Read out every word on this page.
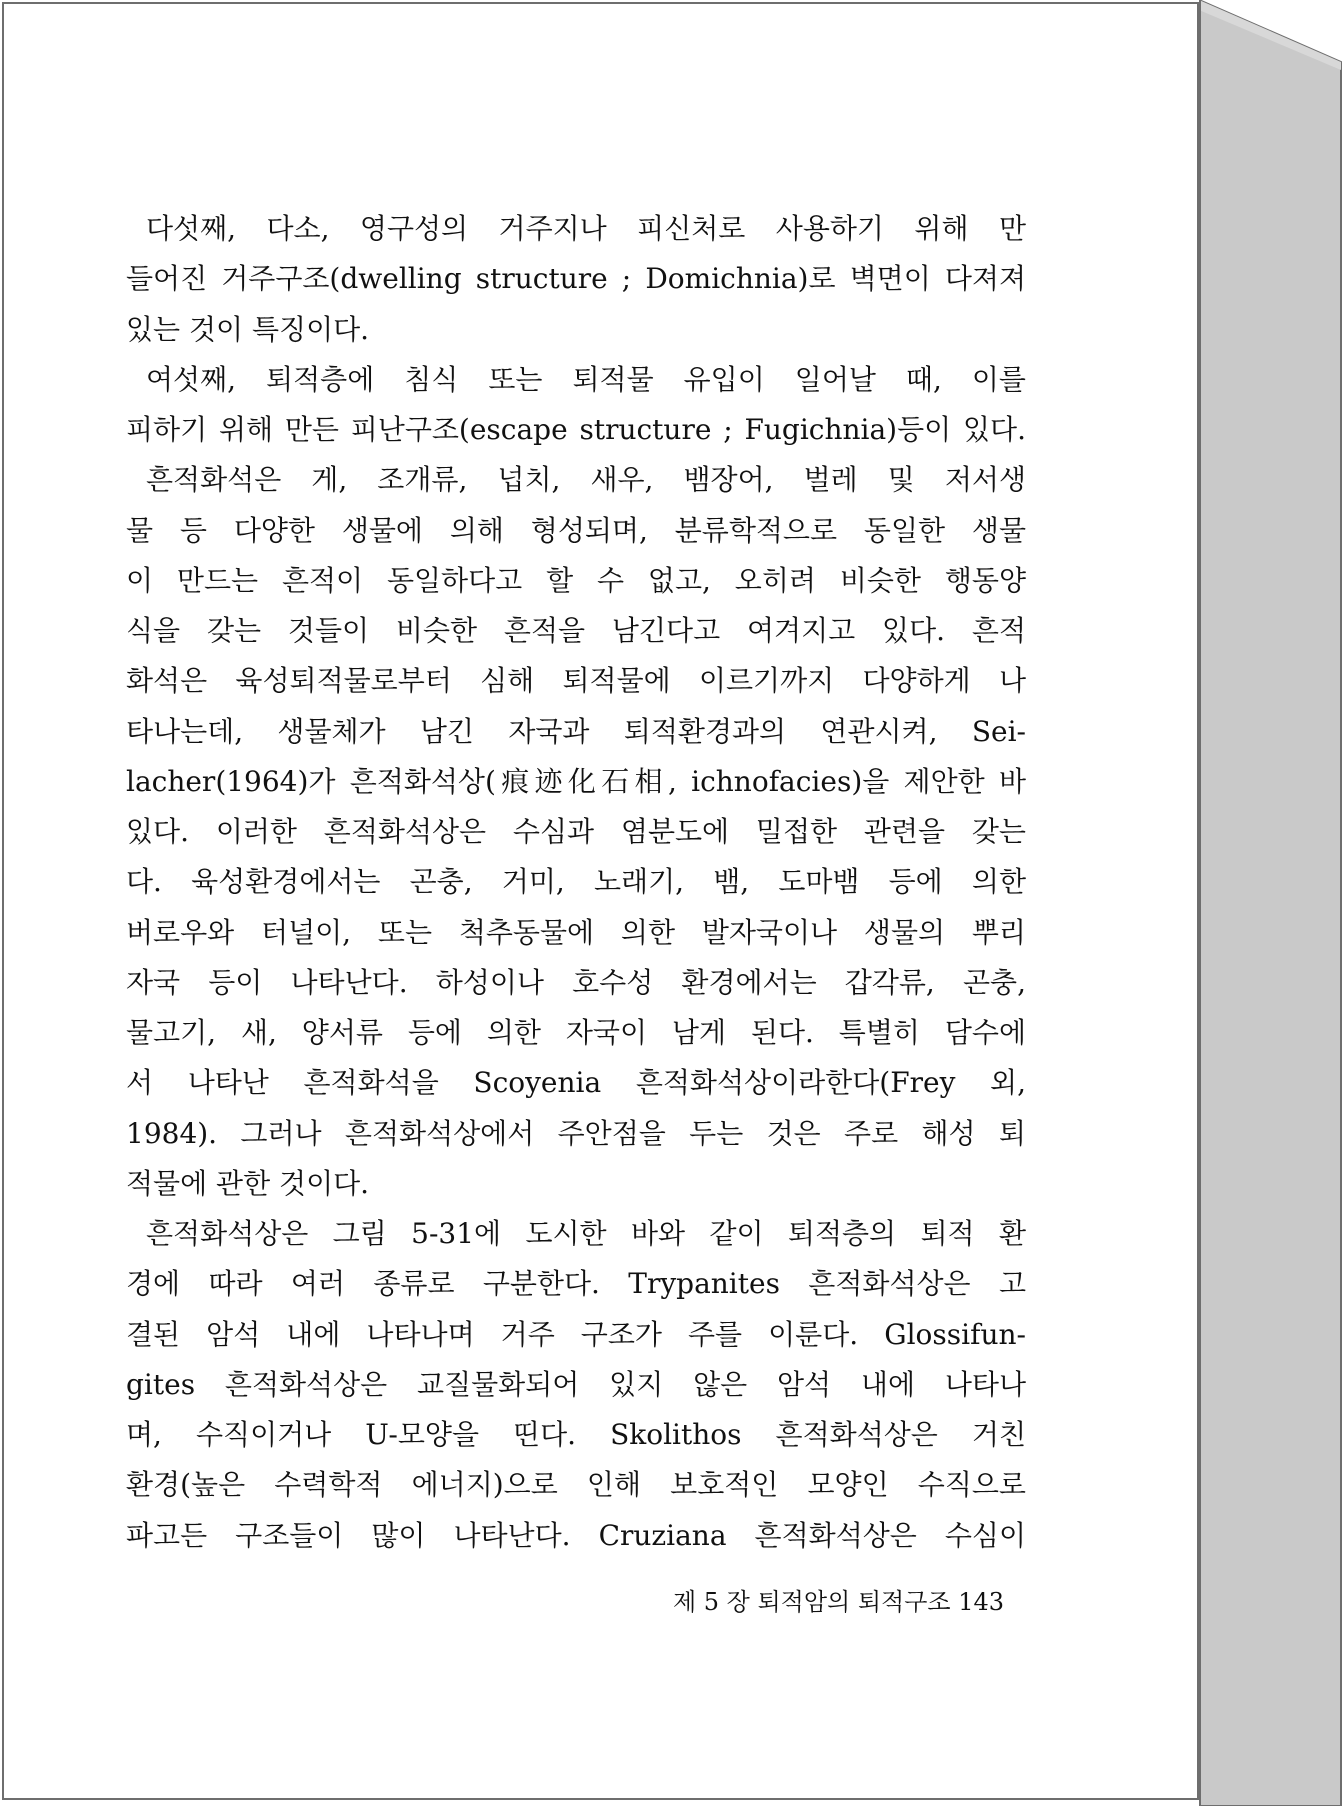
다섯째, 다소, 영구성의 거주지나 피신처로 사용하기 위해 만
들어진 거주구조(dwelling structure ; Domichnia)로 벽면이 다져져
있는 것이 특징이다.
여섯째, 퇴적층에 침식 또는 퇴적물 유입이 일어날 때, 이를
피하기 위해 만든 피난구조(escape structure ; Fugichnia)등이 있다.
흔적화석은 게, 조개류, 넙치, 새우, 뱀장어, 벌레 및 저서생
물 등 다양한 생물에 의해 형성되며, 분류학적으로 동일한 생물
이 만드는 흔적이 동일하다고 할 수 없고, 오히려 비슷한 행동양
식을 갖는 것들이 비슷한 흔적을 남긴다고 여겨지고 있다. 흔적
화석은 육성퇴적물로부터 심해 퇴적물에 이르기까지 다양하게 나
타나는데, 생물체가 남긴 자국과 퇴적환경과의 연관시켜, Sei-
lacher(1964)가 흔적화석상(痕迹化石相, ichnofacies)을 제안한 바
있다. 이러한 흔적화석상은 수심과 염분도에 밀접한 관련을 갖는
다. 육성환경에서는 곤충, 거미, 노래기, 뱀, 도마뱀 등에 의한
버로우와 터널이, 또는 척추동물에 의한 발자국이나 생물의 뿌리
자국 등이 나타난다. 하성이나 호수성 환경에서는 갑각류, 곤충,
물고기, 새, 양서류 등에 의한 자국이 남게 된다. 특별히 담수에
서 나타난 흔적화석을 Scoyenia 흔적화석상이라한다(Frey 외,
1984). 그러나 흔적화석상에서 주안점을 두는 것은 주로 해성 퇴
적물에 관한 것이다.
흔적화석상은 그림 5-31에 도시한 바와 같이 퇴적층의 퇴적 환
경에 따라 여러 종류로 구분한다. Trypanites 흔적화석상은 고
결된 암석 내에 나타나며 거주 구조가 주를 이룬다. Glossifun-
gites 흔적화석상은 교질물화되어 있지 않은 암석 내에 나타나
며, 수직이거나 U-모양을 띤다. Skolithos 흔적화석상은 거친
환경(높은 수력학적 에너지)으로 인해 보호적인 모양인 수직으로
파고든 구조들이 많이 나타난다. Cruziana 흔적화석상은 수심이
제 5 장 퇴적암의 퇴적구조 143
